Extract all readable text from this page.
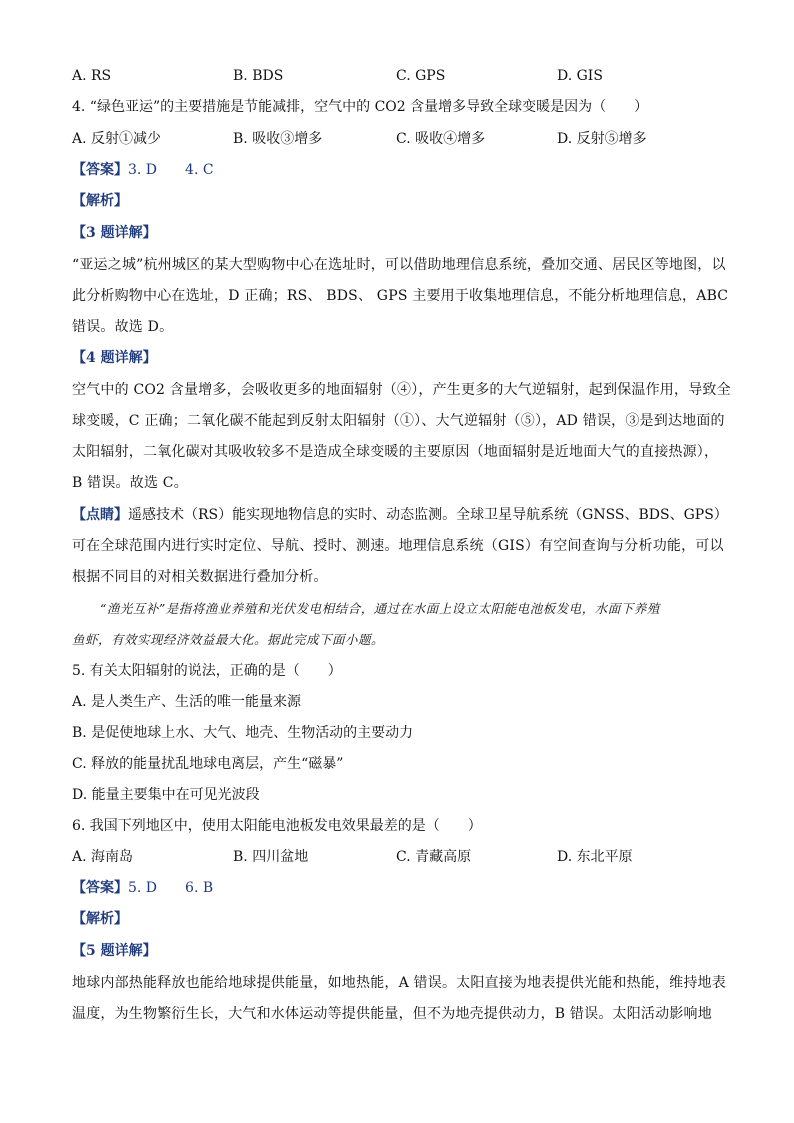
A. RS	B. BDS	C. GPS	D. GIS
4. “绿色亚运”的主要措施是节能减排，空气中的 CO2 含量增多导致全球变暖是因为（　　）
A. 反射①减少	B. 吸收③增多	C. 吸收④增多	D. 反射⑤增多
【答案】3. D　　4. C
【解析】
【3 题详解】
“亚运之城”杭州城区的某大型购物中心在选址时，可以借助地理信息系统，叠加交通、居民区等地图，以
此分析购物中心在选址，D 正确；RS、 BDS、 GPS 主要用于收集地理信息，不能分析地理信息，ABC
错误。故选 D。
【4 题详解】
空气中的 CO2 含量增多，会吸收更多的地面辐射（④），产生更多的大气逆辐射，起到保温作用，导致全
球变暖，C 正确；二氧化碳不能起到反射太阳辐射（①）、大气逆辐射（⑤），AD 错误，③是到达地面的
太阳辐射，二氧化碳对其吸收较多不是造成全球变暖的主要原因（地面辐射是近地面大气的直接热源），
B 错误。故选 C。
【点睛】遥感技术（RS）能实现地物信息的实时、动态监测。全球卫星导航系统（GNSS、BDS、GPS）
可在全球范围内进行实时定位、导航、授时、测速。地理信息系统（GIS）有空间查询与分析功能，可以
根据不同目的对相关数据进行叠加分析。
“渔光互补”是指将渔业养殖和光伏发电相结合，通过在水面上设立太阳能电池板发电，水面下养殖
鱼虾，有效实现经济效益最大化。据此完成下面小题。
5. 有关太阳辐射的说法，正确的是（　　）
A. 是人类生产、生活的唯一能量来源
B. 是促使地球上水、大气、地壳、生物活动的主要动力
C. 释放的能量扰乱地球电离层，产生“磁暴”
D. 能量主要集中在可见光波段
6. 我国下列地区中，使用太阳能电池板发电效果最差的是（　　）
A. 海南岛	B. 四川盆地	C. 青藏高原	D. 东北平原
【答案】5. D　　6. B
【解析】
【5 题详解】
地球内部热能释放也能给地球提供能量，如地热能，A 错误。太阳直接为地表提供光能和热能，维持地表
温度，为生物繁衍生长，大气和水体运动等提供能量，但不为地壳提供动力，B 错误。太阳活动影响地
